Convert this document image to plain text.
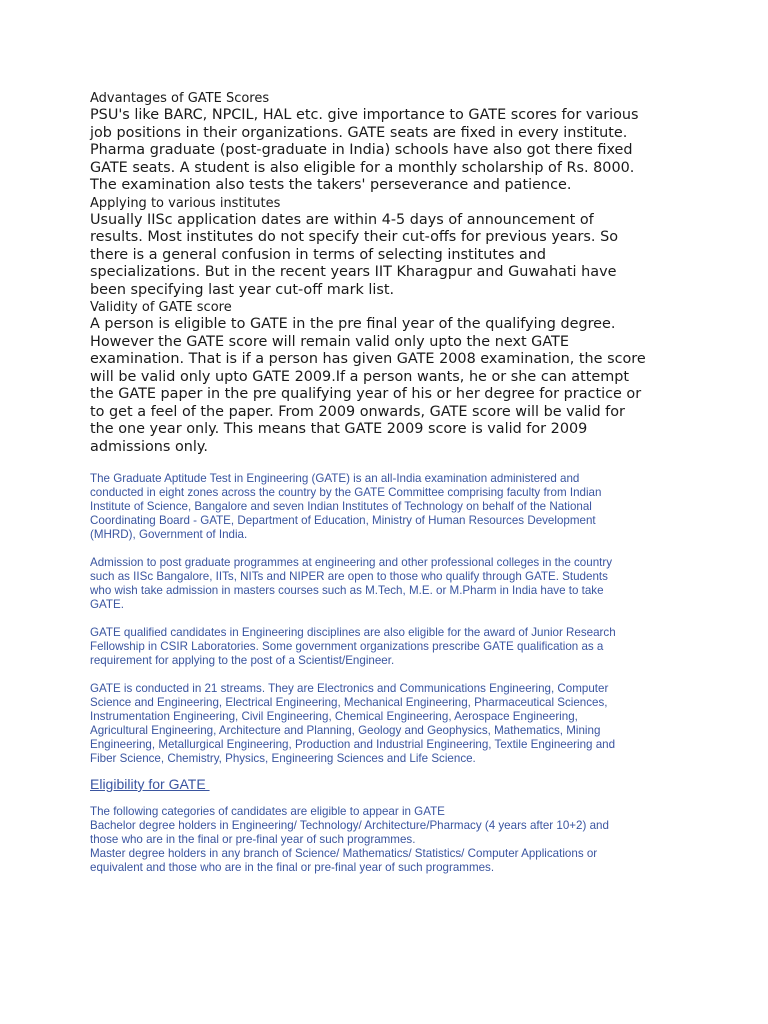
Advantages of GATE Scores

PSU's like BARC, NPCIL, HAL etc. give importance to GATE scores for various
job positions in their organizations. GATE seats are fixed in every institute.
Pharma graduate (post-graduate in India) schools have also got there fixed
GATE seats. A student is also eligible for a monthly scholarship of Rs. 8000.
The examination also tests the takers' perseverance and patience.

Applying to various institutes

Usually IISc application dates are within 4-5 days of announcement of
results. Most institutes do not specify their cut-offs for previous years. So
there is a general confusion in terms of selecting institutes and
specializations. But in the recent years IIT Kharagpur and Guwahati have
been specifying last year cut-off mark list.

Validity of GATE score

A person is eligible to GATE in the pre final year of the qualifying degree.
However the GATE score will remain valid only upto the next GATE
examination. That is if a person has given GATE 2008 examination, the score
will be valid only upto GATE 2009.If a person wants, he or she can attempt
the GATE paper in the pre qualifying year of his or her degree for practice or
to get a feel of the paper. From 2009 onwards, GATE score will be valid for
the one year only. This means that GATE 2009 score is valid for 2009
admissions only.

The Graduate Aptitude Test in Engineering (GATE) is an all-India examination administered and
conducted in eight zones across the country by the GATE Committee comprising faculty from Indian
Institute of Science, Bangalore and seven Indian Institutes of Technology on behalf of the National
Coordinating Board - GATE, Department of Education, Ministry of Human Resources Development
(MHRD), Government of India.

Admission to post graduate programmes at engineering and other professional colleges in the country
such as IISc Bangalore, IITs, NITs and NIPER are open to those who qualify through GATE. Students
who wish take admission in masters courses such as M.Tech, M.E. or M.Pharm in India have to take
GATE.

GATE qualified candidates in Engineering disciplines are also eligible for the award of Junior Research
Fellowship in CSIR Laboratories. Some government organizations prescribe GATE qualification as a
requirement for applying to the post of a Scientist/Engineer.

GATE is conducted in 21 streams. They are Electronics and Communications Engineering, Computer
Science and Engineering, Electrical Engineering, Mechanical Engineering, Pharmaceutical Sciences,
Instrumentation Engineering, Civil Engineering, Chemical Engineering, Aerospace Engineering,
Agricultural Engineering, Architecture and Planning, Geology and Geophysics, Mathematics, Mining
Engineering, Metallurgical Engineering, Production and Industrial Engineering, Textile Engineering and
Fiber Science, Chemistry, Physics, Engineering Sciences and Life Science.

Eligibility for GATE

The following categories of candidates are eligible to appear in GATE
Bachelor degree holders in Engineering/ Technology/ Architecture/Pharmacy (4 years after 10+2) and
those who are in the final or pre-final year of such programmes.
Master degree holders in any branch of Science/ Mathematics/ Statistics/ Computer Applications or
equivalent and those who are in the final or pre-final year of such programmes.
